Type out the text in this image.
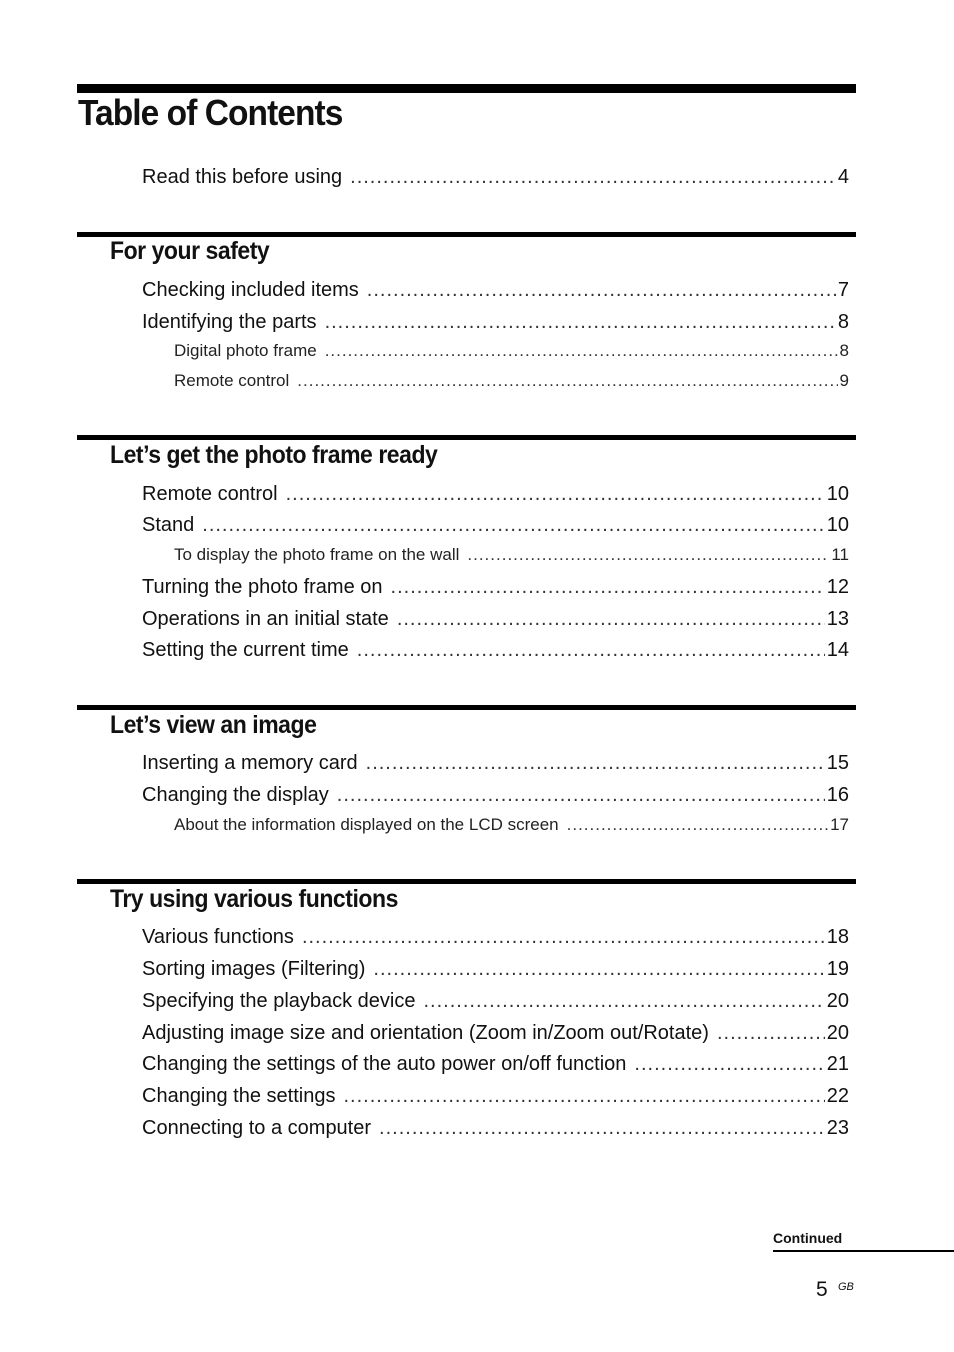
Table of Contents
Read this before using .....	4
For your safety
Checking included items .....	7
Identifying the parts .....	8
Digital photo frame .....	8
Remote control .....	9
Let’s get the photo frame ready
Remote control .....	10
Stand .....	10
To display the photo frame on the wall .....	11
Turning the photo frame on .....	12
Operations in an initial state .....	13
Setting the current time .....	14
Let’s view an image
Inserting a memory card .....	15
Changing the display .....	16
About the information displayed on the LCD screen .....	17
Try using various functions
Various functions .....	18
Sorting images (Filtering) .....	19
Specifying the playback device .....	20
Adjusting image size and orientation (Zoom in/Zoom out/Rotate) .....	20
Changing the settings of the auto power on/off function .....	21
Changing the settings .....	22
Connecting to a computer .....	23
Continued
5 GB
